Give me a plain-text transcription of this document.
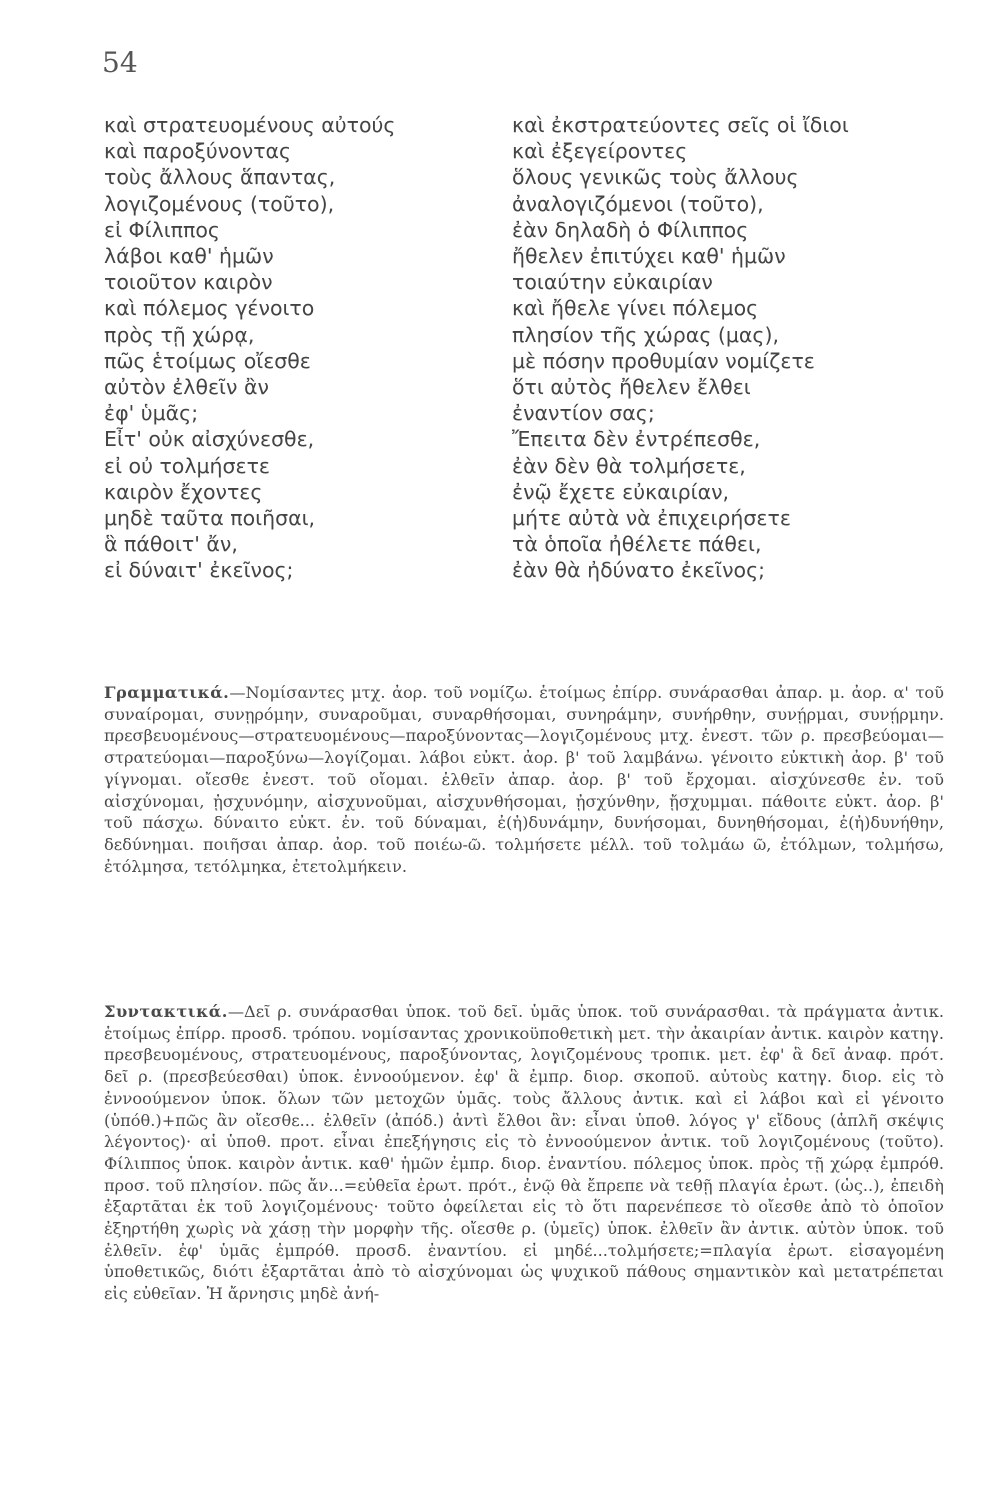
54
καὶ στρατευομένους αὐτούς
καὶ παροξύνοντας
τοὺς ἄλλους ἅπαντας,
λογιζομένους (τοῦτο),
εἰ Φίλιππος
λάβοι καθ' ἡμῶν
τοιοῦτον καιρὸν
καὶ πόλεμος γένοιτο
πρὸς τῇ χώρᾳ,
πῶς ἑτοίμως οἴεσθε
αὐτὸν ἐλθεῖν ἂν
ἐφ' ὑμᾶς;
Εἶτ' οὐκ αἰσχύνεσθε,
εἰ οὐ τολμήσετε
καιρὸν ἔχοντες
μηδὲ ταῦτα ποιῆσαι,
ἃ πάθοιτ' ἄν,
εἰ δύναιτ' ἐκεῖνος;
καὶ ἐκστρατεύοντες σεῖς οἱ ἴδιοι
καὶ ἐξεγείροντες
ὅλους γενικῶς τοὺς ἄλλους
ἀναλογιζόμενοι (τοῦτο),
ἐὰν δηλαδὴ ὁ Φίλιππος
ἤθελεν ἐπιτύχει καθ' ἡμῶν
τοιαύτην εὐκαιρίαν
καὶ ἤθελε γίνει πόλεμος
πλησίον τῆς χώρας (μας),
μὲ πόσην προθυμίαν νομίζετε
ὅτι αὐτὸς ἤθελεν ἔλθει
ἐναντίον σας;
Ἔπειτα δὲν ἐντρέπεσθε,
ἐὰν δὲν θὰ τολμήσετε,
ἐνῷ ἔχετε εὐκαιρίαν,
μήτε αὐτὰ νὰ ἐπιχειρήσετε
τὰ ὁποῖα ἠθέλετε πάθει,
ἐὰν θὰ ἠδύνατο ἐκεῖνος;
Γραμματικά.—Νομίσαντες μτχ. ἀορ. τοῦ νομίζω. ἑτοίμως ἐπίρρ. συνάρασθαι ἀπαρ. μ. ἀορ. α' τοῦ συναίρομαι, συνῃρόμην, συναροῦμαι, συναρθήσομαι, συνηράμην, συνήρθην, συνῄρμαι, συνῄρμην. πρεσβευομένους—στρατευομένους—παροξύνοντας—λογιζομένους μτχ. ἐνεστ. τῶν ρ. πρεσβεύομαι—στρατεύομαι—παροξύνω—λογίζομαι. λάβοι εὐκτ. ἀορ. β' τοῦ λαμβάνω. γένοιτο εὐκτικὴ ἀορ. β' τοῦ γίγνομαι. οἴεσθε ἐνεστ. τοῦ οἴομαι. ἐλθεῖν ἀπαρ. ἀορ. β' τοῦ ἔρχομαι. αἰσχύνεσθε ἐν. τοῦ αἰσχύνομαι, ᾐσχυνόμην, αἰσχυνοῦμαι, αἰσχυνθήσομαι, ᾐσχύνθην, ᾔσχυμμαι. πάθοιτε εὐκτ. ἀορ. β' τοῦ πάσχω. δύναιτο εὐκτ. ἐν. τοῦ δύναμαι, ἐ(ἠ)δυνάμην, δυνήσομαι, δυνηθήσομαι, ἐ(ἠ)δυνήθην, δεδύνημαι. ποιῆσαι ἀπαρ. ἀορ. τοῦ ποιέω-ῶ. τολμήσετε μέλλ. τοῦ τολμάω ῶ, ἐτόλμων, τολμήσω, ἐτόλμησα, τετόλμηκα, ἐτετολμήκειν.
Συντακτικά.—Δεῖ ρ. συνάρασθαι ὑποκ. τοῦ δεῖ. ὑμᾶς ὑποκ. τοῦ συνάρασθαι. τὰ πράγματα ἀντικ. ἑτοίμως ἐπίρρ. προσδ. τρόπου. νομίσαντας χρονικοϋποθετικὴ μετ. τὴν ἀκαιρίαν ἀντικ. καιρὸν κατηγ. πρεσβευομένους, στρατευομένους, παροξύνοντας, λογιζομένους τροπικ. μετ. ἐφ' ἃ δεῖ ἀναφ. πρότ. δεῖ ρ. (πρεσβεύεσθαι) ὑποκ. ἐννοούμενον. ἐφ' ἃ ἐμπρ. διορ. σκοποῦ. αὐτοὺς κατηγ. διορ. εἰς τὸ ἐννοούμενον ὑποκ. ὅλων τῶν μετοχῶν ὑμᾶς. τοὺς ἄλλους ἀντικ. καὶ εἰ λάβοι καὶ εἰ γένοιτο (ὑπόθ.)+πῶς ἂν οἴεσθε... ἐλθεῖν (ἀπόδ.) ἀντὶ ἔλθοι ἂν: εἶναι ὑποθ. λόγος γ' εἴδους (ἁπλῆ σκέψις λέγοντος)· αἱ ὑποθ. προτ. εἶναι ἐπεξήγησις εἰς τὸ ἐννοούμενον ἀντικ. τοῦ λογιζομένους (τοῦτο). Φίλιππος ὑποκ. καιρὸν ἀντικ. καθ' ἡμῶν ἐμπρ. διορ. ἐναντίου. πόλεμος ὑποκ. πρὸς τῇ χώρᾳ ἐμπρόθ. προσ. τοῦ πλησίον. πῶς ἄν...=εὐθεῖα ἐρωτ. πρότ., ἐνῷ θὰ ἔπρεπε νὰ τεθῇ πλαγία ἐρωτ. (ὡς..), ἐπειδὴ ἐξαρτᾶται ἐκ τοῦ λογιζομένους· τοῦτο ὀφείλεται εἰς τὸ ὅτι παρενέπεσε τὸ οἴεσθε ἀπὸ τὸ ὁποῖον ἐξηρτήθη χωρὶς νὰ χάσῃ τὴν μορφὴν τῆς. οἴεσθε ρ. (ὑμεῖς) ὑποκ. ἐλθεῖν ἂν ἀντικ. αὐτὸν ὑποκ. τοῦ ἐλθεῖν. ἐφ' ὑμᾶς ἐμπρόθ. προσδ. ἐναντίου. εἰ μηδέ...τολμήσετε;=πλαγία ἐρωτ. εἰσαγομένη ὑποθετικῶς, διότι ἐξαρτᾶται ἀπὸ τὸ αἰσχύνομαι ὡς ψυχικοῦ πάθους σημαντικὸν καὶ μετατρέπεται εἰς εὐθεῖαν. Ἡ ἄρνησις μηδὲ ἀνή-
